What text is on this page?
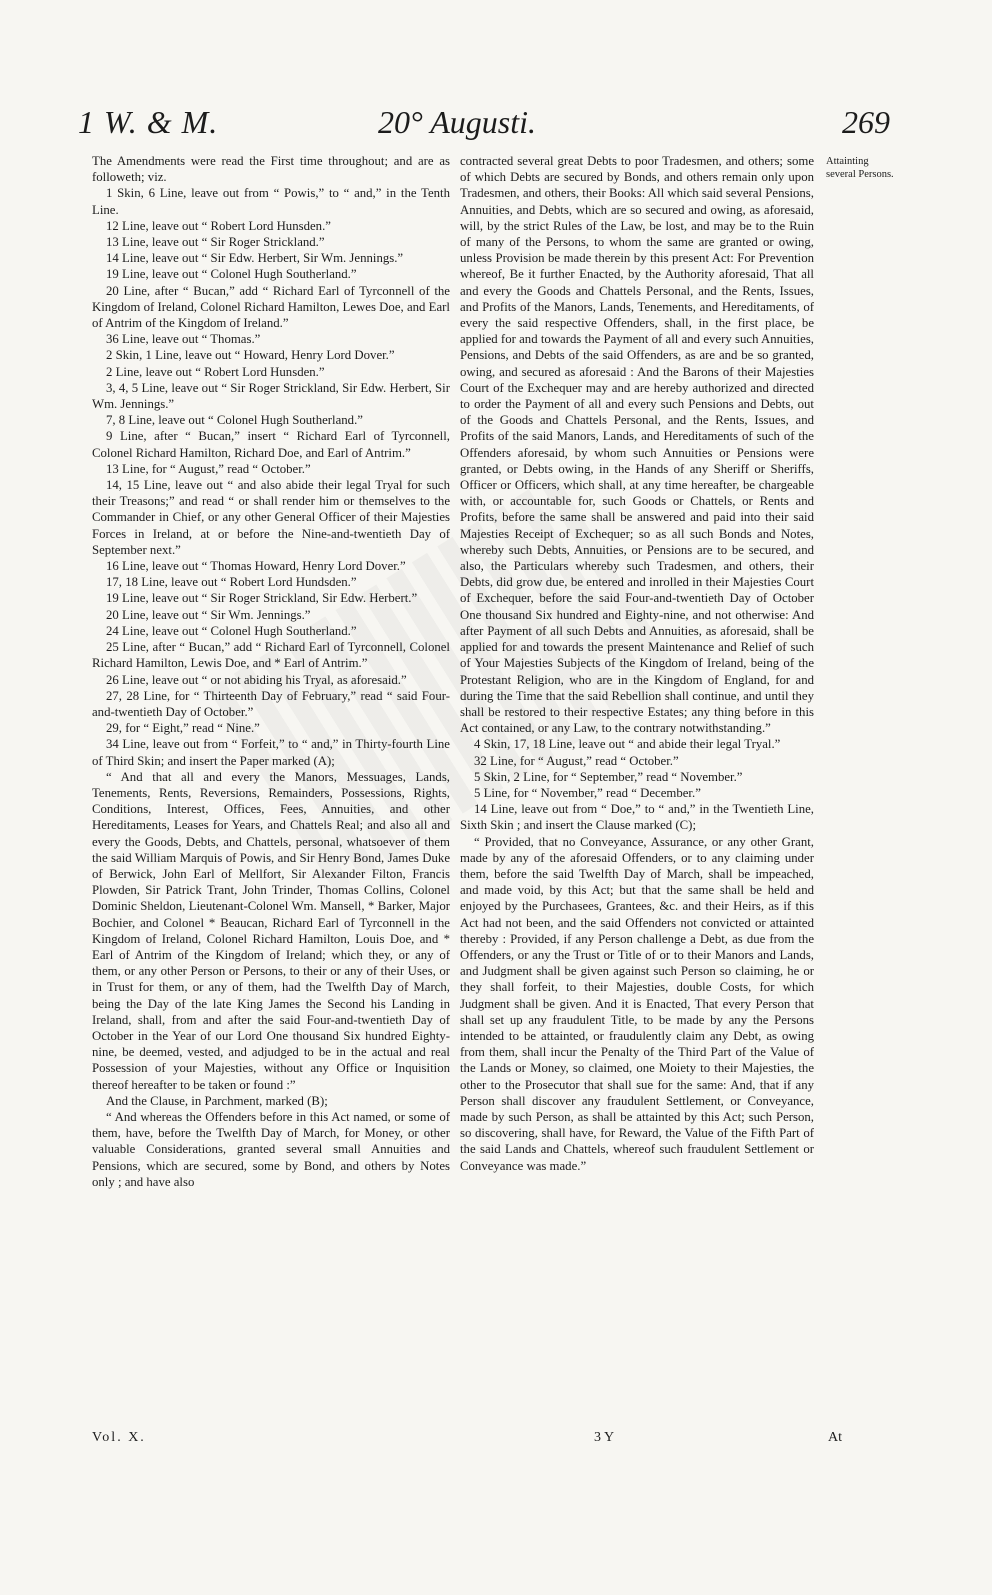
1 W. & M.	20° Augusti.	269

The Amendments were read the First time throughout; and are as followeth; viz.

1 Skin, 6 Line, leave out from “ Powis,” to “ and,” in the Tenth Line.

12 Line, leave out “ Robert Lord Hunsden.”

13 Line, leave out “ Sir Roger Strickland.”

14 Line, leave out “ Sir Edw. Herbert, Sir Wm. Jennings.”

19 Line, leave out “ Colonel Hugh Southerland.”

20 Line, after “ Bucan,” add “ Richard Earl of Tyrconnell of the Kingdom of Ireland, Colonel Richard Hamilton, Lewes Doe, and Earl of Antrim of the Kingdom of Ireland.”

36 Line, leave out “ Thomas.”

2 Skin, 1 Line, leave out “ Howard, Henry Lord Dover.”

2 Line, leave out “ Robert Lord Hunsden.”

3, 4, 5 Line, leave out “ Sir Roger Strickland, Sir Edw. Herbert, Sir Wm. Jennings.”

7, 8 Line, leave out “ Colonel Hugh Southerland.”

9 Line, after “ Bucan,” insert “ Richard Earl of Tyrconnell, Colonel Richard Hamilton, Richard Doe, and Earl of Antrim.”

13 Line, for “ August,” read “ October.”

14, 15 Line, leave out “ and also abide their legal Tryal for such their Treasons;” and read “ or shall render him or themselves to the Commander in Chief, or any other General Officer of their Majesties Forces in Ireland, at or before the Nine-and-twentieth Day of September next.”

16 Line, leave out “ Thomas Howard, Henry Lord Dover.”

17, 18 Line, leave out “ Robert Lord Hundsden.”

19 Line, leave out “ Sir Roger Strickland, Sir Edw. Herbert.”

20 Line, leave out “ Sir Wm. Jennings.”

24 Line, leave out “ Colonel Hugh Southerland.”

25 Line, after “ Bucan,” add “ Richard Earl of Tyrconnell, Colonel Richard Hamilton, Lewis Doe, and * Earl of Antrim.”

26 Line, leave out “ or not abiding his Tryal, as aforesaid.”

27, 28 Line, for “ Thirteenth Day of February,” read “ said Four-and-twentieth Day of October.”

29, for “ Eight,” read “ Nine.”

34 Line, leave out from “ Forfeit,” to “ and,” in Thirty-fourth Line of Third Skin; and insert the Paper marked (A);

“ And that all and every the Manors, Messuages, Lands, Tenements, Rents, Reversions, Remainders, Possessions, Rights, Conditions, Interest, Offices, Fees, Annuities, and other Hereditaments, Leases for Years, and Chattels Real; and also all and every the Goods, Debts, and Chattels, personal, whatsoever of them the said William Marquis of Powis, and Sir Henry Bond, James Duke of Berwick, John Earl of Mellfort, Sir Alexander Filton, Francis Plowden, Sir Patrick Trant, John Trinder, Thomas Collins, Colonel Dominic Sheldon, Lieutenant-Colonel Wm. Mansell, * Barker, Major Bochier, and Colonel * Beaucan, Richard Earl of Tyrconnell in the Kingdom of Ireland, Colonel Richard Hamilton, Louis Doe, and * Earl of Antrim of the Kingdom of Ireland; which they, or any of them, or any other Person or Persons, to their or any of their Uses, or in Trust for them, or any of them, had the Twelfth Day of March, being the Day of the late King James the Second his Landing in Ireland, shall, from and after the said Four-and-twentieth Day of October in the Year of our Lord One thousand Six hundred Eighty-nine, be deemed, vested, and adjudged to be in the actual and real Possession of your Majesties, without any Office or Inquisition thereof hereafter to be taken or found :”

And the Clause, in Parchment, marked (B);

“ And whereas the Offenders before in this Act named, or some of them, have, before the Twelfth Day of March, for Money, or other valuable Considerations, granted several small Annuities and Pensions, which are secured, some by Bond, and others by Notes only ; and have also

contracted several great Debts to poor Tradesmen, and others; some of which Debts are secured by Bonds, and others remain only upon Tradesmen, and others, their Books: All which said several Pensions, Annuities, and Debts, which are so secured and owing, as aforesaid, will, by the strict Rules of the Law, be lost, and may be to the Ruin of many of the Persons, to whom the same are granted or owing, unless Provision be made therein by this present Act: For Prevention whereof, Be it further Enacted, by the Authority aforesaid, That all and every the Goods and Chattels Personal, and the Rents, Issues, and Profits of the Manors, Lands, Tenements, and Hereditaments, of every the said respective Offenders, shall, in the first place, be applied for and towards the Payment of all and every such Annuities, Pensions, and Debts of the said Offenders, as are and be so granted, owing, and secured as aforesaid : And the Barons of their Majesties Court of the Exchequer may and are hereby authorized and directed to order the Payment of all and every such Pensions and Debts, out of the Goods and Chattels Personal, and the Rents, Issues, and Profits of the said Manors, Lands, and Hereditaments of such of the Offenders aforesaid, by whom such Annuities or Pensions were granted, or Debts owing, in the Hands of any Sheriff or Sheriffs, Officer or Officers, which shall, at any time hereafter, be chargeable with, or accountable for, such Goods or Chattels, or Rents and Profits, before the same shall be answered and paid into their said Majesties Receipt of Exchequer; so as all such Bonds and Notes, whereby such Debts, Annuities, or Pensions are to be secured, and also, the Particulars whereby such Tradesmen, and others, their Debts, did grow due, be entered and inrolled in their Majesties Court of Exchequer, before the said Four-and-twentieth Day of October One thousand Six hundred and Eighty-nine, and not otherwise: And after Payment of all such Debts and Annuities, as aforesaid, shall be applied for and towards the present Maintenance and Relief of such of Your Majesties Subjects of the Kingdom of Ireland, being of the Protestant Religion, who are in the Kingdom of England, for and during the Time that the said Rebellion shall continue, and until they shall be restored to their respective Estates; any thing before in this Act contained, or any Law, to the contrary notwithstanding.”

4 Skin, 17, 18 Line, leave out “ and abide their legal Tryal.”

32 Line, for “ August,” read “ October.”

5 Skin, 2 Line, for “ September,” read “ November.”

5 Line, for “ November,” read “ December.”

14 Line, leave out from “ Doe,” to “ and,” in the Twentieth Line, Sixth Skin ; and insert the Clause marked (C);

“ Provided, that no Conveyance, Assurance, or any other Grant, made by any of the aforesaid Offenders, or to any claiming under them, before the said Twelfth Day of March, shall be impeached, and made void, by this Act; but that the same shall be held and enjoyed by the Purchasees, Grantees, &c. and their Heirs, as if this Act had not been, and the said Offenders not convicted or attainted thereby : Provided, if any Person challenge a Debt, as due from the Offenders, or any the Trust or Title of or to their Manors and Lands, and Judgment shall be given against such Person so claiming, he or they shall forfeit, to their Majesties, double Costs, for which Judgment shall be given. And it is Enacted, That every Person that shall set up any fraudulent Title, to be made by any the Persons intended to be attainted, or fraudulently claim any Debt, as owing from them, shall incur the Penalty of the Third Part of the Value of the Lands or Money, so claimed, one Moiety to their Majesties, the other to the Prosecutor that shall sue for the same: And, that if any Person shall discover any fraudulent Settlement, or Conveyance, made by such Person, as shall be attainted by this Act; such Person, so discovering, shall have, for Reward, the Value of the Fifth Part of the said Lands and Chattels, whereof such fraudulent Settlement or Conveyance was made.”

Attainting several Persons.
Vol. X.	3 Y	At
